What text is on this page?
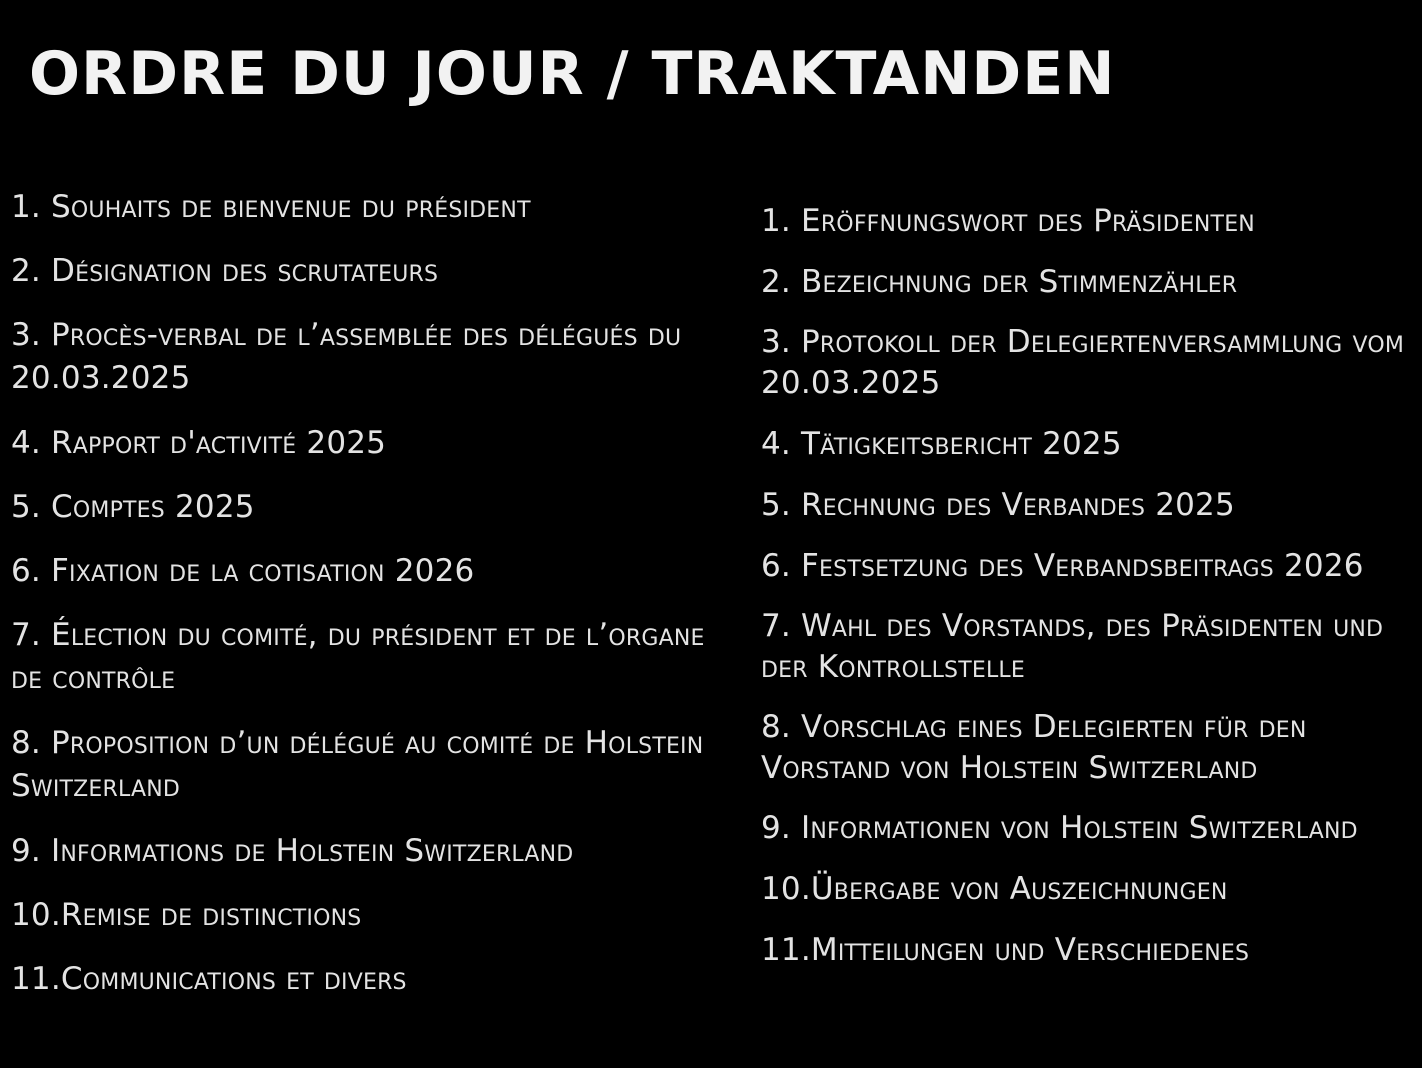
ORDRE DU JOUR / TRAKTANDEN
1. Souhaits de bienvenue du président
2. Désignation des scrutateurs
3. Procès-verbal de l’assemblée des délégués du 20.03.2025
4. Rapport d'activité 2025
5. Comptes 2025
6. Fixation de la cotisation 2026
7. Élection du comité, du président et de l’organe de contrôle
8. Proposition d’un délégué au comité de Holstein Switzerland
9. Informations de Holstein Switzerland
10.Remise de distinctions
11.Communications et divers
1. Eröffnungswort des Präsidenten
2. Bezeichnung der Stimmenzähler
3. Protokoll der Delegiertenversammlung vom 20.03.2025
4. Tätigkeitsbericht 2025
5. Rechnung des Verbandes 2025
6. Festsetzung des Verbandsbeitrags 2026
7. Wahl des Vorstands, des Präsidenten und der Kontrollstelle
8. Vorschlag eines Delegierten für den Vorstand von Holstein Switzerland
9. Informationen von Holstein Switzerland
10.Übergabe von Auszeichnungen
11.Mitteilungen und Verschiedenes
